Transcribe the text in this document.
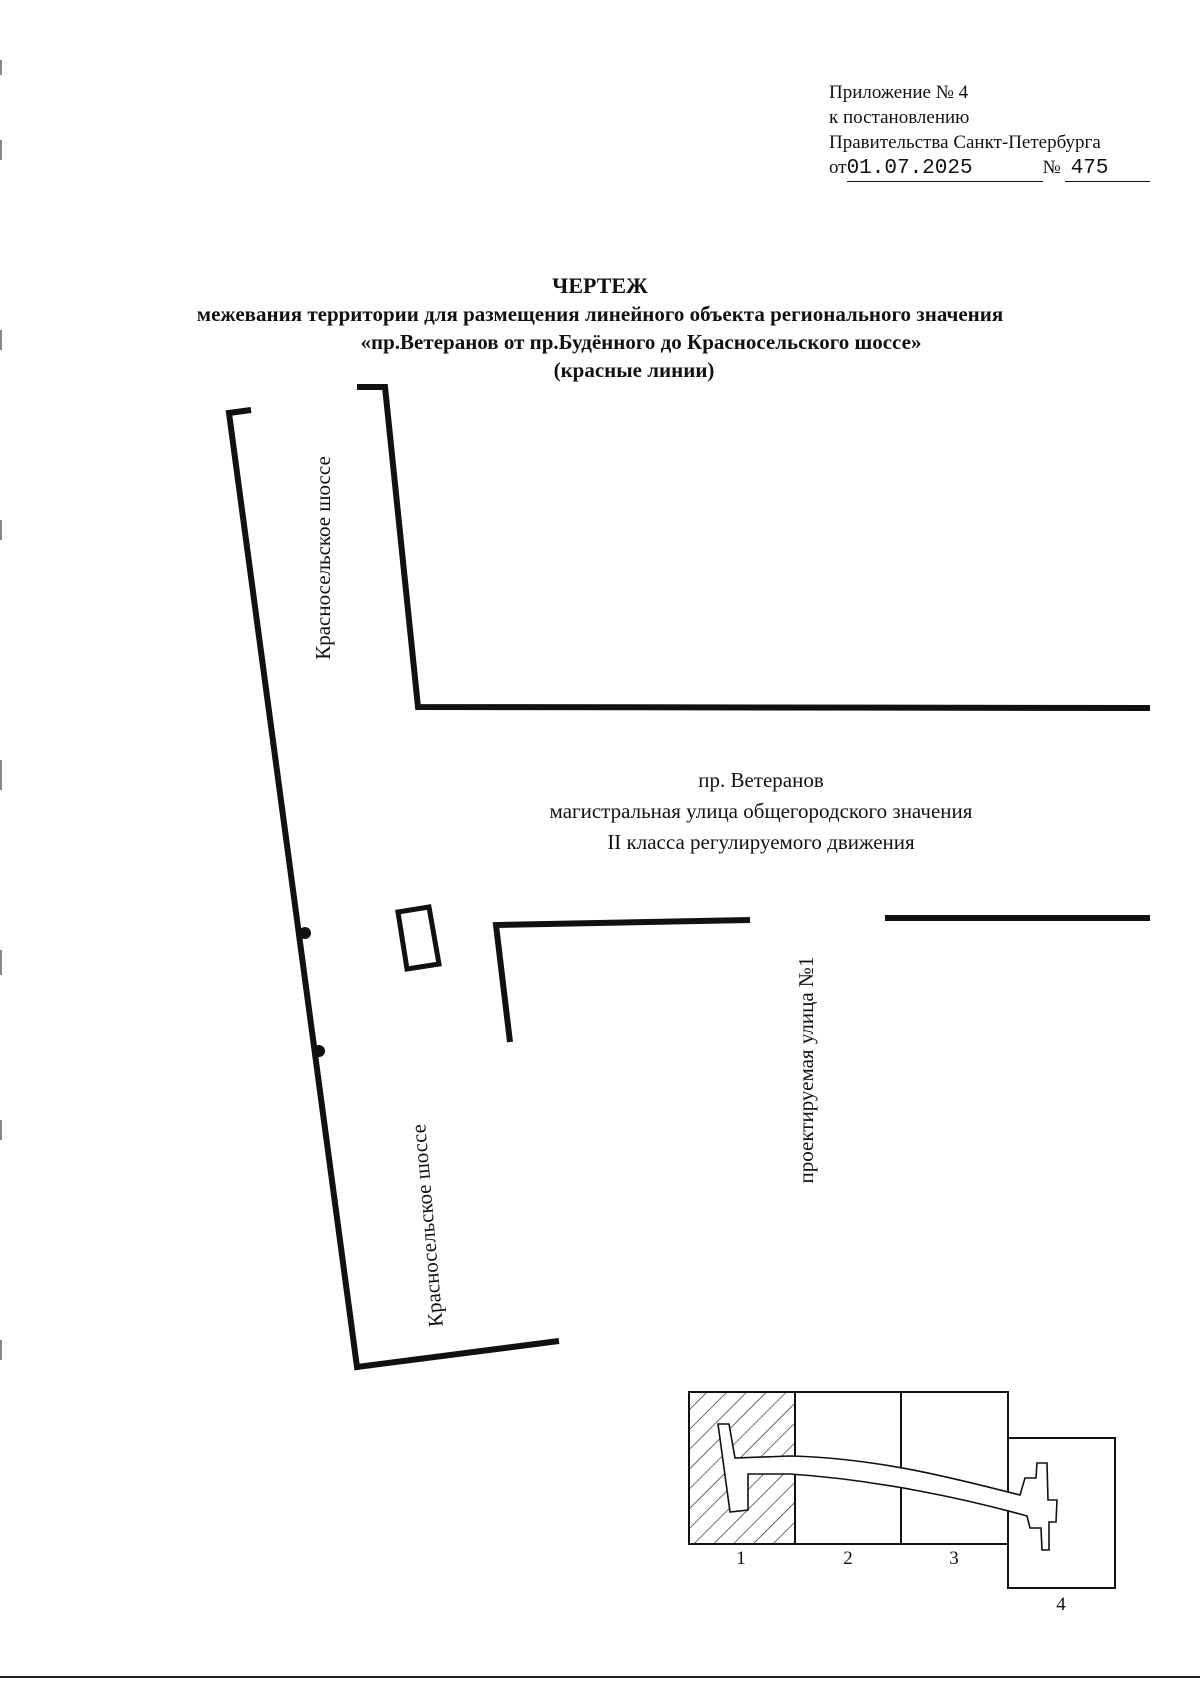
Приложение № 4
к постановлению
Правительства Санкт-Петербурга
от01.07.2025	№ 475
ЧЕРТЕЖ
межевания территории для размещения линейного объекта регионального значения
«пр.Ветеранов от пр.Будённого до Красносельского шоссе»
(красные линии)
Красносельское шоссе
Красносельское шоссе
пр. Ветеранов
магистральная улица общегородского значения
II класса регулируемого движения
проектируемая улица №1
1	2	3
4
